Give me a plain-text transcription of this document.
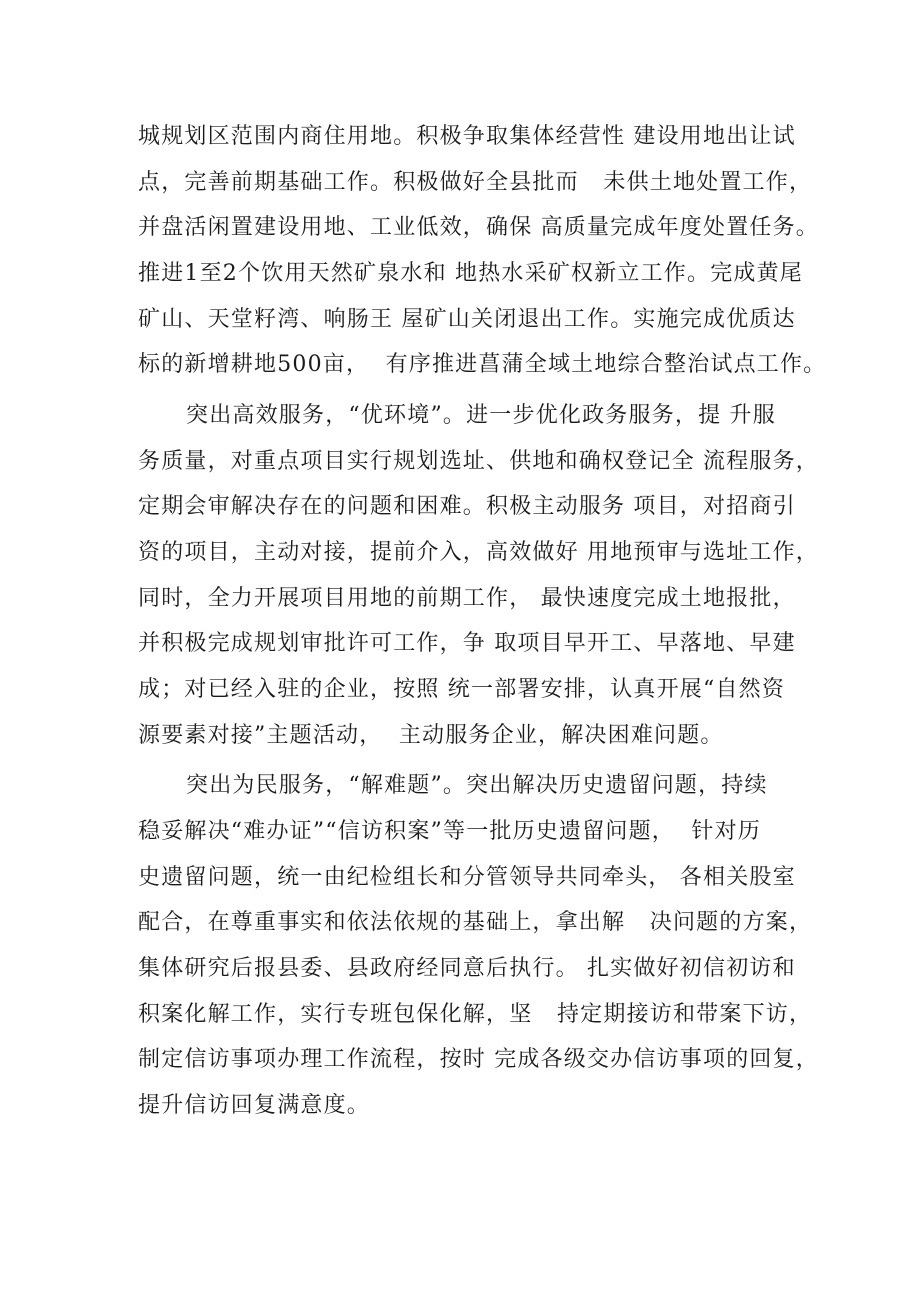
城规划区范围内商住用地。积极争取集体经营性 建设用地出让试
点，完善前期基础工作。积极做好全县批而   未供土地处置工作，
并盘活闲置建设用地、工业低效，确保 高质量完成年度处置任务。
推进1至2个饮用天然矿泉水和 地热水采矿权新立工作。完成黄尾
矿山、天堂籽湾、响肠王 屋矿山关闭退出工作。实施完成优质达
标的新增耕地500亩，  有序推进菖蒲全域土地综合整治试点工作。
突出高效服务，“优环境”。进一步优化政务服务，提 升服
务质量，对重点项目实行规划选址、供地和确权登记全 流程服务，
定期会审解决存在的问题和困难。积极主动服务 项目，对招商引
资的项目，主动对接，提前介入，高效做好 用地预审与选址工作，
同时，全力开展项目用地的前期工作， 最快速度完成土地报批，
并积极完成规划审批许可工作，争 取项目早开工、早落地、早建
成；对已经入驻的企业，按照 统一部署安排，认真开展“自然资
源要素对接”主题活动，  主动服务企业，解决困难问题。
突出为民服务，“解难题”。突出解决历史遗留问题，持续
稳妥解决“难办证”“信访积案”等一批历史遗留问题，  针对历
史遗留问题，统一由纪检组长和分管领导共同牵头， 各相关股室
配合，在尊重事实和依法依规的基础上，拿出解   决问题的方案，
集体研究后报县委、县政府经同意后执行。 扎实做好初信初访和
积案化解工作，实行专班包保化解，坚   持定期接访和带案下访，
制定信访事项办理工作流程，按时 完成各级交办信访事项的回复，
提升信访回复满意度。
